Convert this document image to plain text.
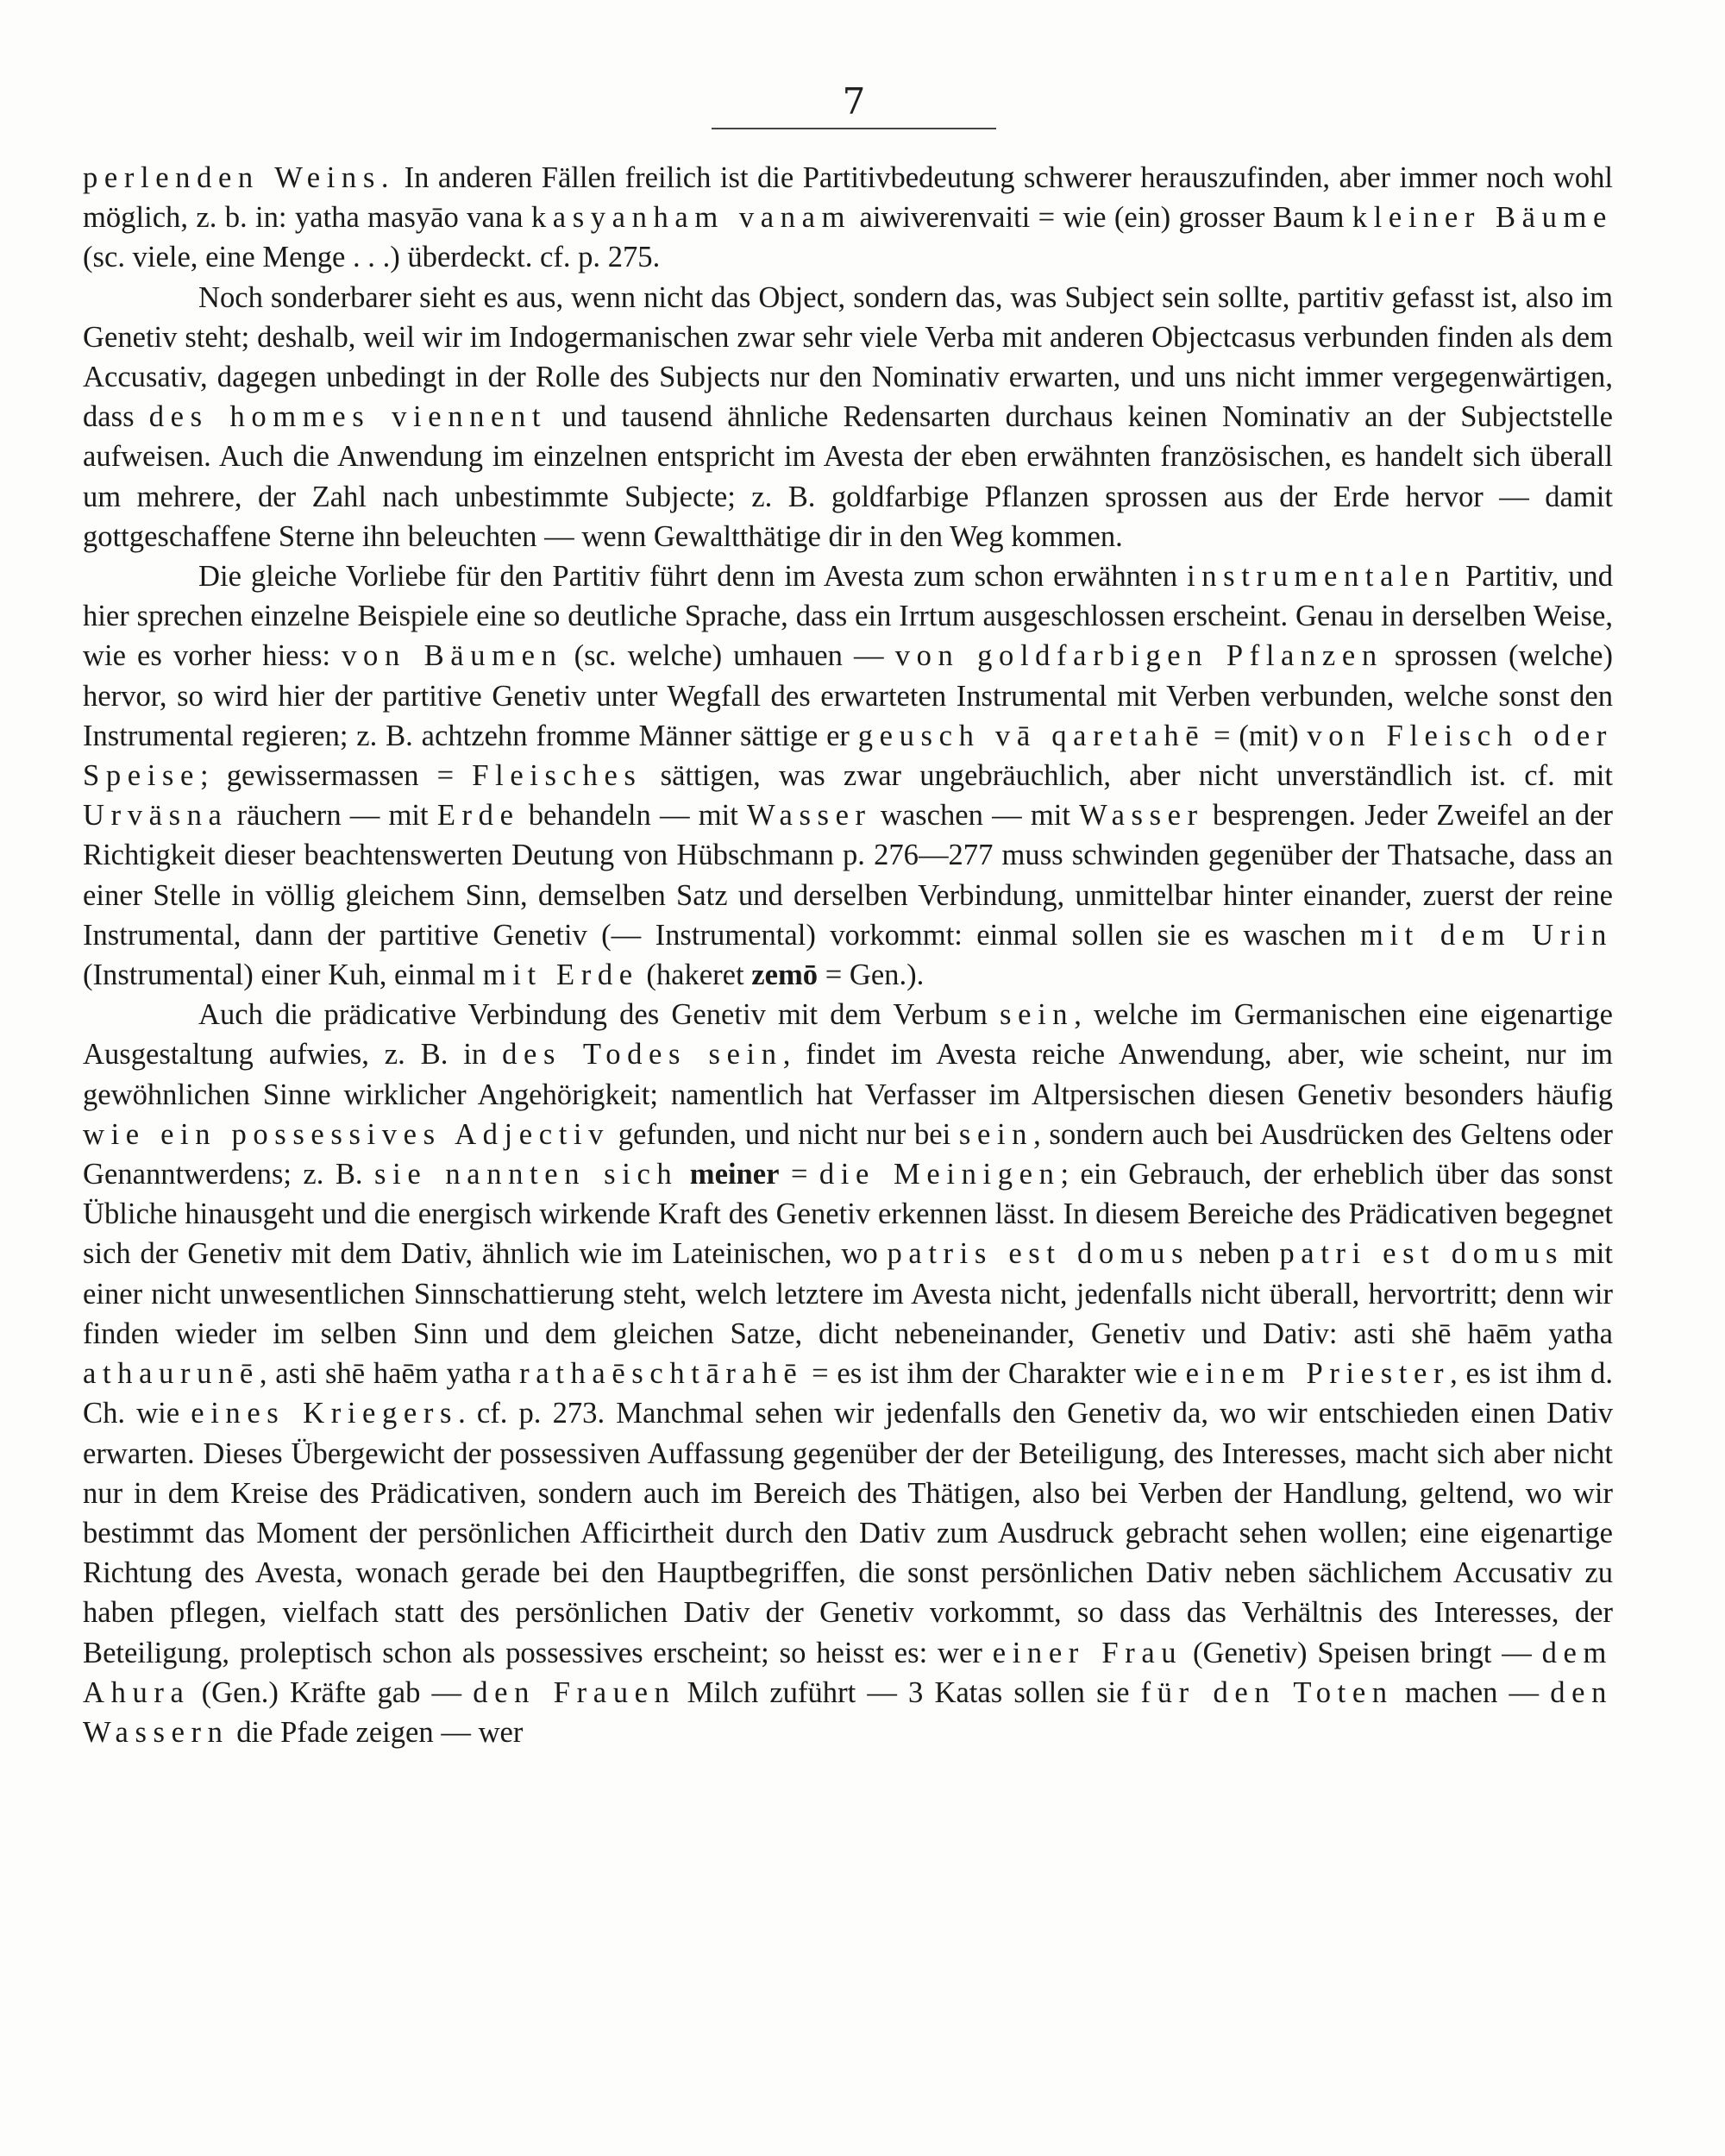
7

perlenden Weins. In anderen Fällen freilich ist die Partitivbedeutung schwerer herauszufinden, aber immer noch wohl möglich, z. b. in: yatha masyāo vana kasyanham vanam aiwiverenvaiti = wie (ein) grosser Baum kleiner Bäume (sc. viele, eine Menge . . .) überdeckt. cf. p. 275.

Noch sonderbarer sieht es aus, wenn nicht das Object, sondern das, was Subject sein sollte, partitiv gefasst ist, also im Genetiv steht; deshalb, weil wir im Indogermanischen zwar sehr viele Verba mit anderen Objectcasus verbunden finden als dem Accusativ, dagegen unbedingt in der Rolle des Subjects nur den Nominativ erwarten, und uns nicht immer vergegenwärtigen, dass des hommes viennent und tausend ähnliche Redensarten durchaus keinen Nominativ an der Subjectstelle aufweisen. Auch die Anwendung im einzelnen entspricht im Avesta der eben erwähnten französischen, es handelt sich überall um mehrere, der Zahl nach unbestimmte Subjecte; z. B. goldfarbige Pflanzen sprossen aus der Erde hervor — damit gottgeschaffene Sterne ihn beleuchten — wenn Gewaltthätige dir in den Weg kommen.

Die gleiche Vorliebe für den Partitiv führt denn im Avesta zum schon erwähnten instrumentalen Partitiv, und hier sprechen einzelne Beispiele eine so deutliche Sprache, dass ein Irrtum ausgeschlossen erscheint. Genau in derselben Weise, wie es vorher hiess: von Bäumen (sc. welche) umhauen — von goldfarbigen Pflanzen sprossen (welche) hervor, so wird hier der partitive Genetiv unter Wegfall des erwarteten Instrumental mit Verben verbunden, welche sonst den Instrumental regieren; z. B. achtzehn fromme Männer sättige er geusch vā qaretahē = (mit) von Fleisch oder Speise; gewissermassen = Fleisches sättigen, was zwar ungebräuchlich, aber nicht unverständlich ist. cf. mit Urväsna räuchern — mit Erde behandeln — mit Wasser waschen — mit Wasser besprengen. Jeder Zweifel an der Richtigkeit dieser beachtenswerten Deutung von Hübschmann p. 276—277 muss schwinden gegenüber der Thatsache, dass an einer Stelle in völlig gleichem Sinn, demselben Satz und derselben Verbindung, unmittelbar hinter einander, zuerst der reine Instrumental, dann der partitive Genetiv (— Instrumental) vorkommt: einmal sollen sie es waschen mit dem Urin (Instrumental) einer Kuh, einmal mit Erde (hakeret zemō = Gen.).

Auch die prädicative Verbindung des Genetiv mit dem Verbum sein, welche im Germanischen eine eigenartige Ausgestaltung aufwies, z. B. in des Todes sein, findet im Avesta reiche Anwendung, aber, wie scheint, nur im gewöhnlichen Sinne wirklicher Angehörigkeit; namentlich hat Verfasser im Altpersischen diesen Genetiv besonders häufig wie ein possessives Adjectiv gefunden, und nicht nur bei sein, sondern auch bei Ausdrücken des Geltens oder Genanntwerdens; z. B. sie nannten sich meiner = die Meinigen; ein Gebrauch, der erheblich über das sonst Übliche hinausgeht und die energisch wirkende Kraft des Genetiv erkennen lässt. In diesem Bereiche des Prädicativen begegnet sich der Genetiv mit dem Dativ, ähnlich wie im Lateinischen, wo patris est domus neben patri est domus mit einer nicht unwesentlichen Sinnschattierung steht, welch letztere im Avesta nicht, jedenfalls nicht überall, hervortritt; denn wir finden wieder im selben Sinn und dem gleichen Satze, dicht nebeneinander, Genetiv und Dativ: asti shē haēm yatha athaurunē, asti shē haēm yatha rathaēschtārahē = es ist ihm der Charakter wie einem Priester, es ist ihm d. Ch. wie eines Kriegers. cf. p. 273. Manchmal sehen wir jedenfalls den Genetiv da, wo wir entschieden einen Dativ erwarten. Dieses Übergewicht der possessiven Auffassung gegenüber der der Beteiligung, des Interesses, macht sich aber nicht nur in dem Kreise des Prädicativen, sondern auch im Bereich des Thätigen, also bei Verben der Handlung, geltend, wo wir bestimmt das Moment der persönlichen Afficirtheit durch den Dativ zum Ausdruck gebracht sehen wollen; eine eigenartige Richtung des Avesta, wonach gerade bei den Hauptbegriffen, die sonst persönlichen Dativ neben sächlichem Accusativ zu haben pflegen, vielfach statt des persönlichen Dativ der Genetiv vorkommt, so dass das Verhältnis des Interesses, der Beteiligung, proleptisch schon als possessives erscheint; so heisst es: wer einer Frau (Genetiv) Speisen bringt — dem Ahura (Gen.) Kräfte gab — den Frauen Milch zuführt — 3 Katas sollen sie für den Toten machen — den Wassern die Pfade zeigen — wer
